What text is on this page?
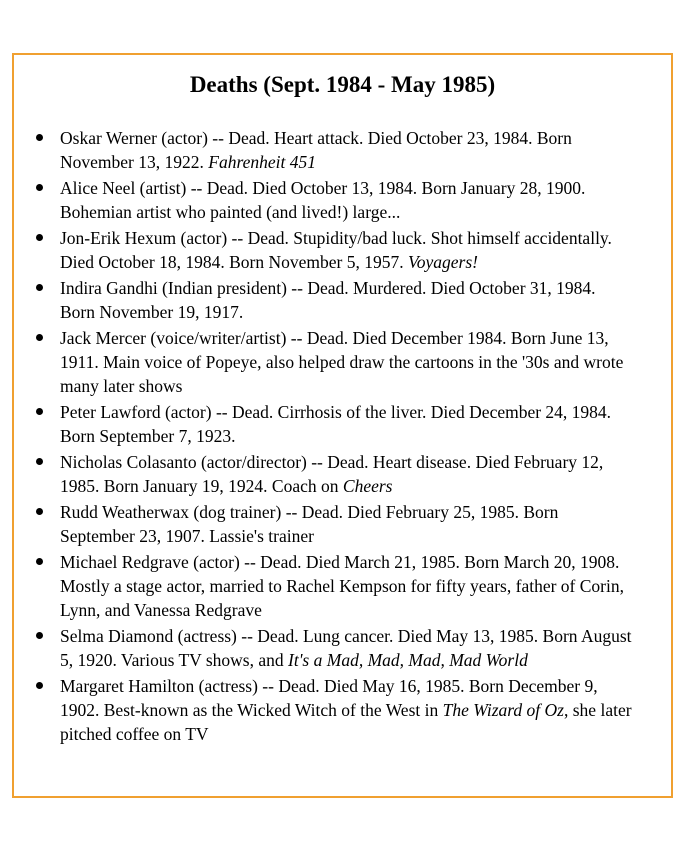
Deaths (Sept. 1984 - May 1985)
Oskar Werner (actor) -- Dead. Heart attack. Died October 23, 1984. Born November 13, 1922. Fahrenheit 451
Alice Neel (artist) -- Dead. Died October 13, 1984. Born January 28, 1900. Bohemian artist who painted (and lived!) large...
Jon-Erik Hexum (actor) -- Dead. Stupidity/bad luck. Shot himself accidentally. Died October 18, 1984. Born November 5, 1957. Voyagers!
Indira Gandhi (Indian president) -- Dead. Murdered. Died October 31, 1984. Born November 19, 1917.
Jack Mercer (voice/writer/artist) -- Dead. Died December 1984. Born June 13, 1911. Main voice of Popeye, also helped draw the cartoons in the '30s and wrote many later shows
Peter Lawford (actor) -- Dead. Cirrhosis of the liver. Died December 24, 1984. Born September 7, 1923.
Nicholas Colasanto (actor/director) -- Dead. Heart disease. Died February 12, 1985. Born January 19, 1924. Coach on Cheers
Rudd Weatherwax (dog trainer) -- Dead. Died February 25, 1985. Born September 23, 1907. Lassie's trainer
Michael Redgrave (actor) -- Dead. Died March 21, 1985. Born March 20, 1908. Mostly a stage actor, married to Rachel Kempson for fifty years, father of Corin, Lynn, and Vanessa Redgrave
Selma Diamond (actress) -- Dead. Lung cancer. Died May 13, 1985. Born August 5, 1920. Various TV shows, and It's a Mad, Mad, Mad, Mad World
Margaret Hamilton (actress) -- Dead. Died May 16, 1985. Born December 9, 1902. Best-known as the Wicked Witch of the West in The Wizard of Oz, she later pitched coffee on TV
